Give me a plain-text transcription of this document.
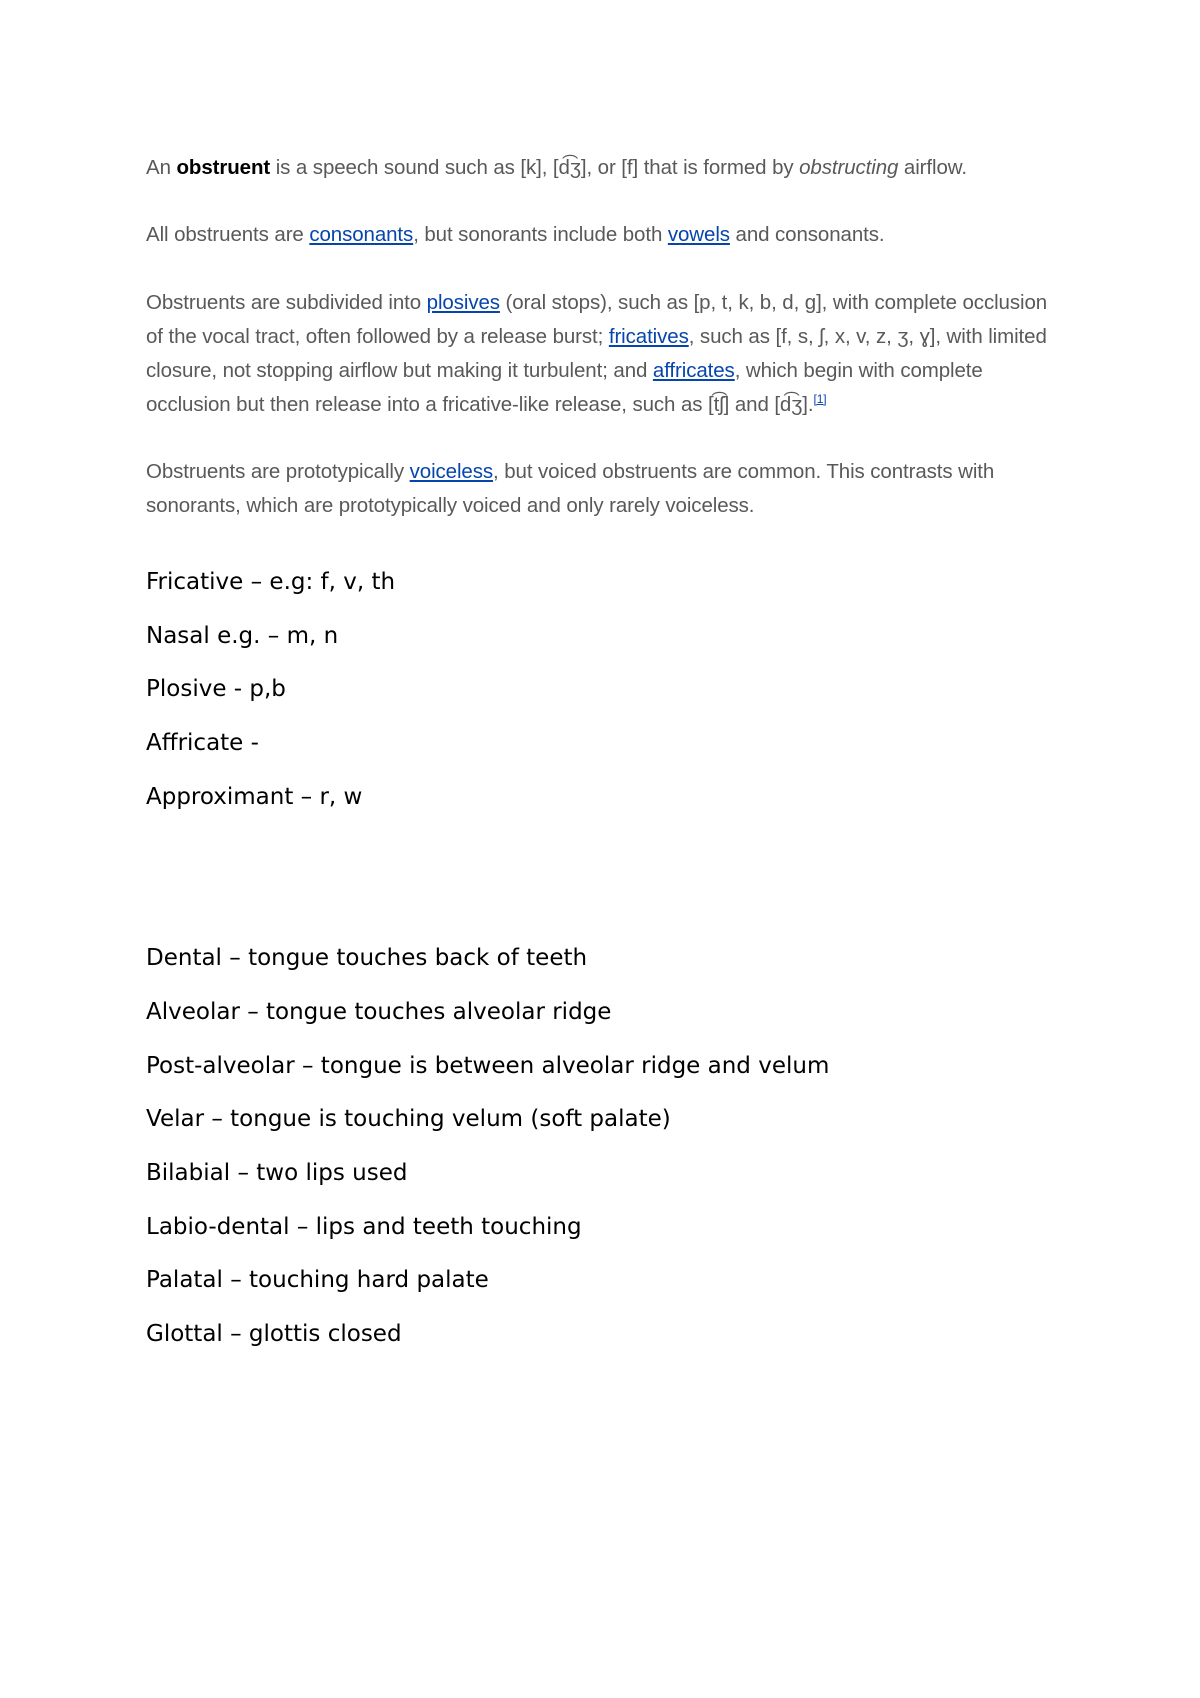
An obstruent is a speech sound such as [k], [d͡ʒ], or [f] that is formed by obstructing airflow.

All obstruents are consonants, but sonorants include both vowels and consonants.

Obstruents are subdivided into plosives (oral stops), such as [p, t, k, b, d, ɡ], with complete occlusion of the vocal tract, often followed by a release burst; fricatives, such as [f, s, ʃ, x, v, z, ʒ, ɣ], with limited closure, not stopping airflow but making it turbulent; and affricates, which begin with complete occlusion but then release into a fricative-like release, such as [t͡ʃ] and [d͡ʒ].[1]

Obstruents are prototypically voiceless, but voiced obstruents are common. This contrasts with sonorants, which are prototypically voiced and only rarely voiceless.

Fricative – e.g: f, v, th

Nasal e.g. – m, n

Plosive - p,b

Affricate -

Approximant – r, w

Dental – tongue touches back of teeth

Alveolar – tongue touches alveolar ridge

Post-alveolar – tongue is between alveolar ridge and velum

Velar – tongue is touching velum (soft palate)

Bilabial – two lips used

Labio-dental – lips and teeth touching

Palatal – touching hard palate

Glottal – glottis closed
